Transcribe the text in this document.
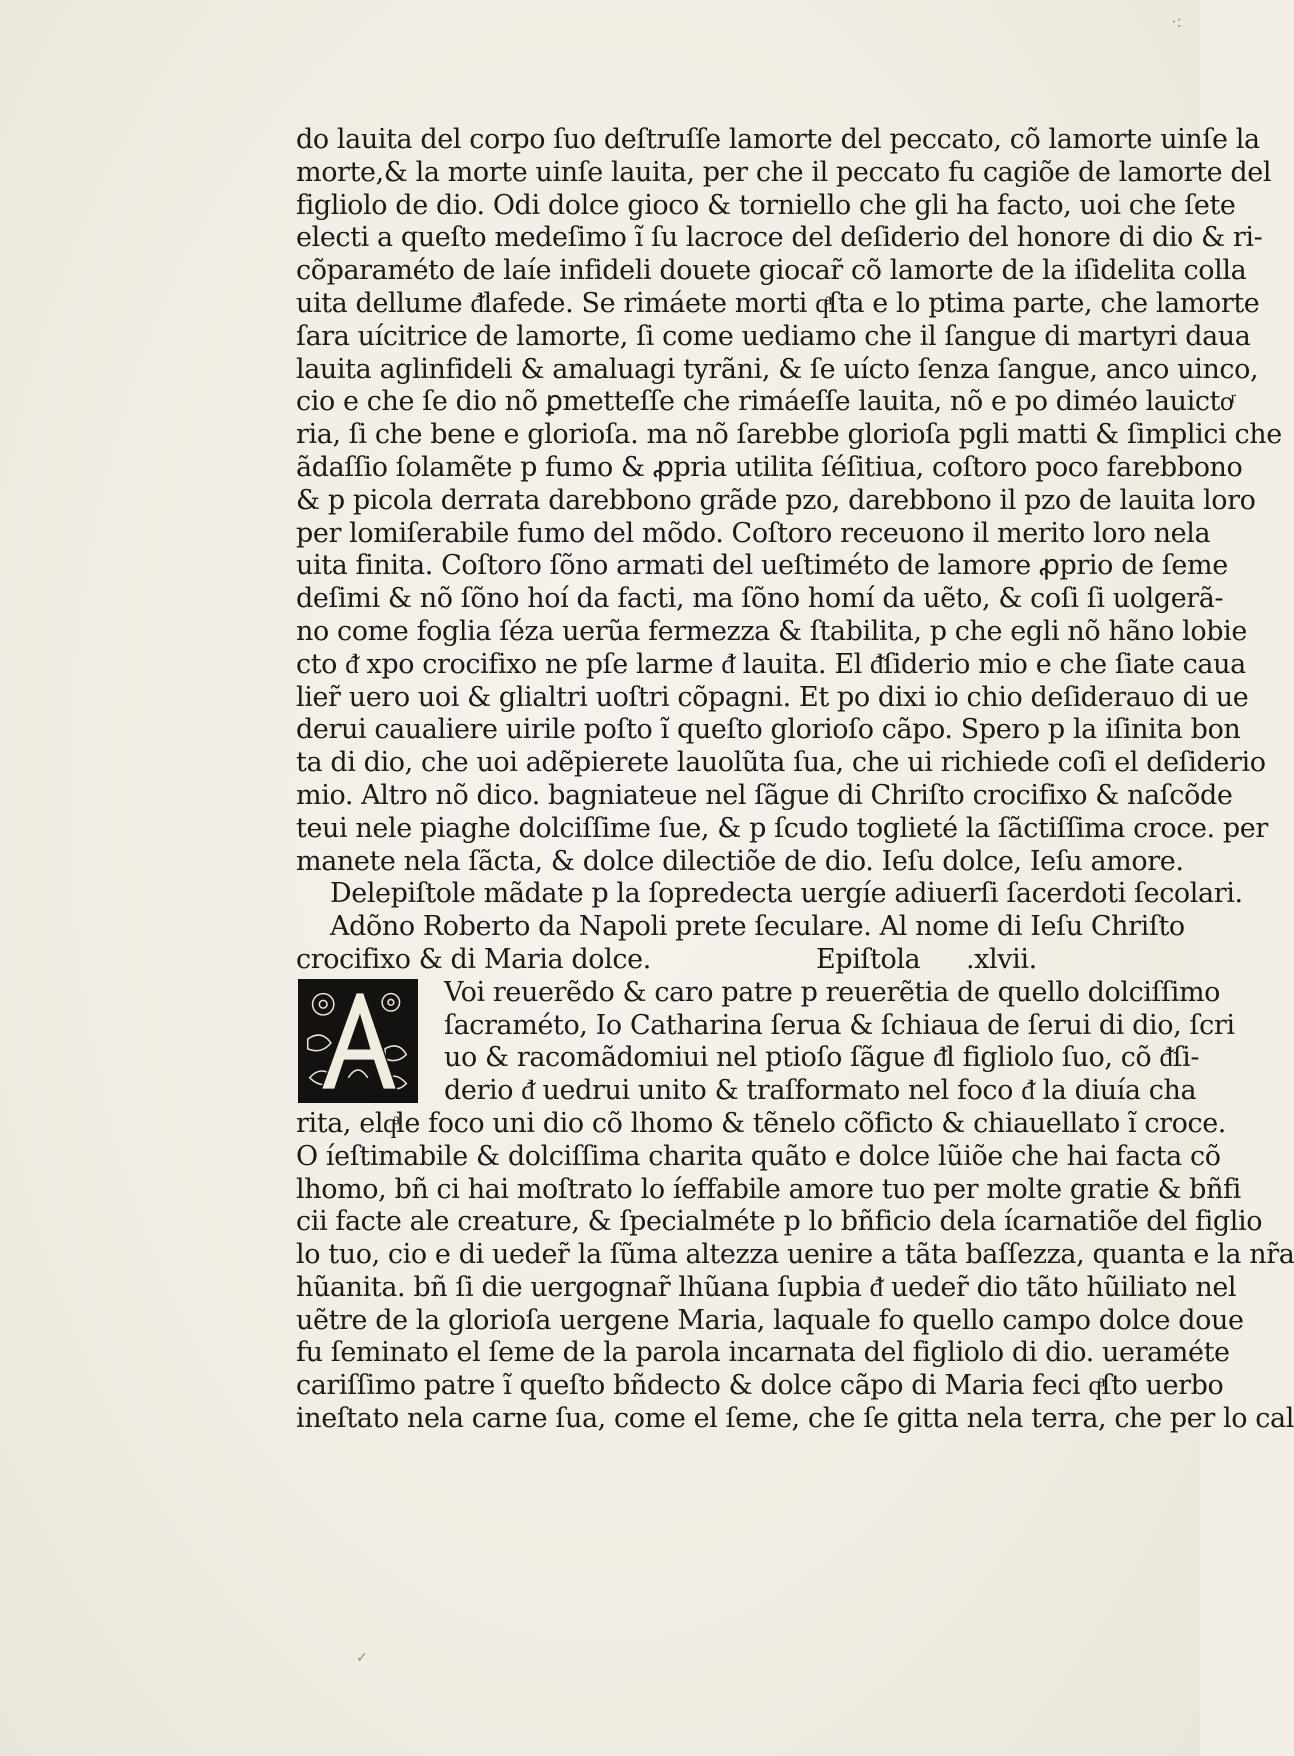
·:
do lauita del corpo ſuo deſtruſſe lamorte del peccato, cõ lamorte uinſe la
morte,& la morte uinſe lauita, per che il peccato fu cagiõe de lamorte del
figliolo de dio. Odi dolce gioco & torniello che gli ha facto, uoi che ſete
electi a queſto medeſimo ĩ ſu lacroce del deſiderio del honore di dio & ri-
cõparaméto de laíe infideli douete giocar̃ cõ lamorte de la iſidelita colla
uita dellume ᵭlafede. Se rimáete morti qͣſta e lo ptima parte, che lamorte
ſara uícitrice de lamorte, ſi come uediamo che il ſangue di martyri daua
lauita aglinfideli & amaluagi tyrãni, & ſe uícto ſenza ſangue, anco uinco,
cio e che ſe dio nõ ꝑmetteſſe che rimáeſſe lauita, nõ e po diméo lauictoͬ
ria, ſi che bene e glorioſa. ma nõ ſarebbe glorioſa pgli matti & ſimplici che
ãdaſſio ſolamẽte p fumo & ꝓpria utilita ſéſitiua, coſtoro poco farebbono
& p picola derrata darebbono grãde pzo, darebbono il pzo de lauita loro
per lomiſerabile fumo del mõdo. Coſtoro receuono il merito loro nela
uita finita. Coſtoro ſõno armati del ueſtiméto de lamore ꝓprio de ſeme
deſimi & nõ ſõno hoí da facti, ma ſõno homí da uẽto, & coſi ſi uolgerã-
no come foglia ſéza uerũa fermezza & ſtabilita, p che egli nõ hãno lobie
cto ᵭ xpo crocifixo ne pſe larme ᵭ lauita. El ᵭſiderio mio e che ſiate caua
lier̃ uero uoi & glialtri uoſtri cõpagni. Et po dixi io chio deſiderauo di ue
derui caualiere uirile poſto ĩ queſto glorioſo cãpo. Spero p la iſinita bon
ta di dio, che uoi adẽpierete lauolũta ſua, che ui richiede coſi el deſiderio
mio. Altro nõ dico. bagniateue nel ſãgue di Chriſto crocifixo & naſcõde
teui nele piaghe dolciſſime ſue, & p ſcudo toglieté la ſãctiſſima croce. per
manete nela ſãcta, & dolce dilectiõe de dio. Ieſu dolce, Ieſu amore.
Delepiſtole mãdate p la ſopredecta uergíe adiuerſi ſacerdoti ſecolari.
Adõno Roberto da Napoli prete ſeculare. Al nome di Ieſu Chriſto
crocifixo & di Maria dolce.	Epiſtola	.xlvii.
Voi reuerẽdo & caro patre p reuerẽtia de quello dolciſſimo
ſacraméto, Io Catharina ſerua & ſchiaua de ſerui di dio, ſcri
uo & racomãdomiui nel ptioſo ſãgue ᵭl figliolo ſuo, cõ ᵭſi-
derio ᵭ uedrui unito & traſformato nel foco ᵭ la diuía cha
rita, elqͣle foco uni dio cõ lhomo & tẽnelo cõficto & chiauellato ĩ croce.
O íeſtimabile & dolciſſima charita quãto e dolce lũiõe che hai facta cõ
lhomo, bñ ci hai moſtrato lo íeffabile amore tuo per molte gratie & bñfi
cii facte ale creature, & ſpecialméte p lo bñficio dela ícarnatiõe del figlio
lo tuo, cio e di ueder̃ la ſũma altezza uenire a tãta baſſezza, quanta e la nr̃a
hũanita. bñ ſi die uergognar̃ lhũana ſupbia ᵭ ueder̃ dio tãto hũiliato nel
uẽtre de la glorioſa uergene Maria, laquale fo quello campo dolce doue
fu ſeminato el ſeme de la parola incarnata del figliolo di dio. ueraméte
cariſſimo patre ĩ queſto bñdecto & dolce cãpo di Maria feci qͣſto uerbo
ineſtato nela carne ſua, come el ſeme, che ſe gitta nela terra, che per lo cal
✓
